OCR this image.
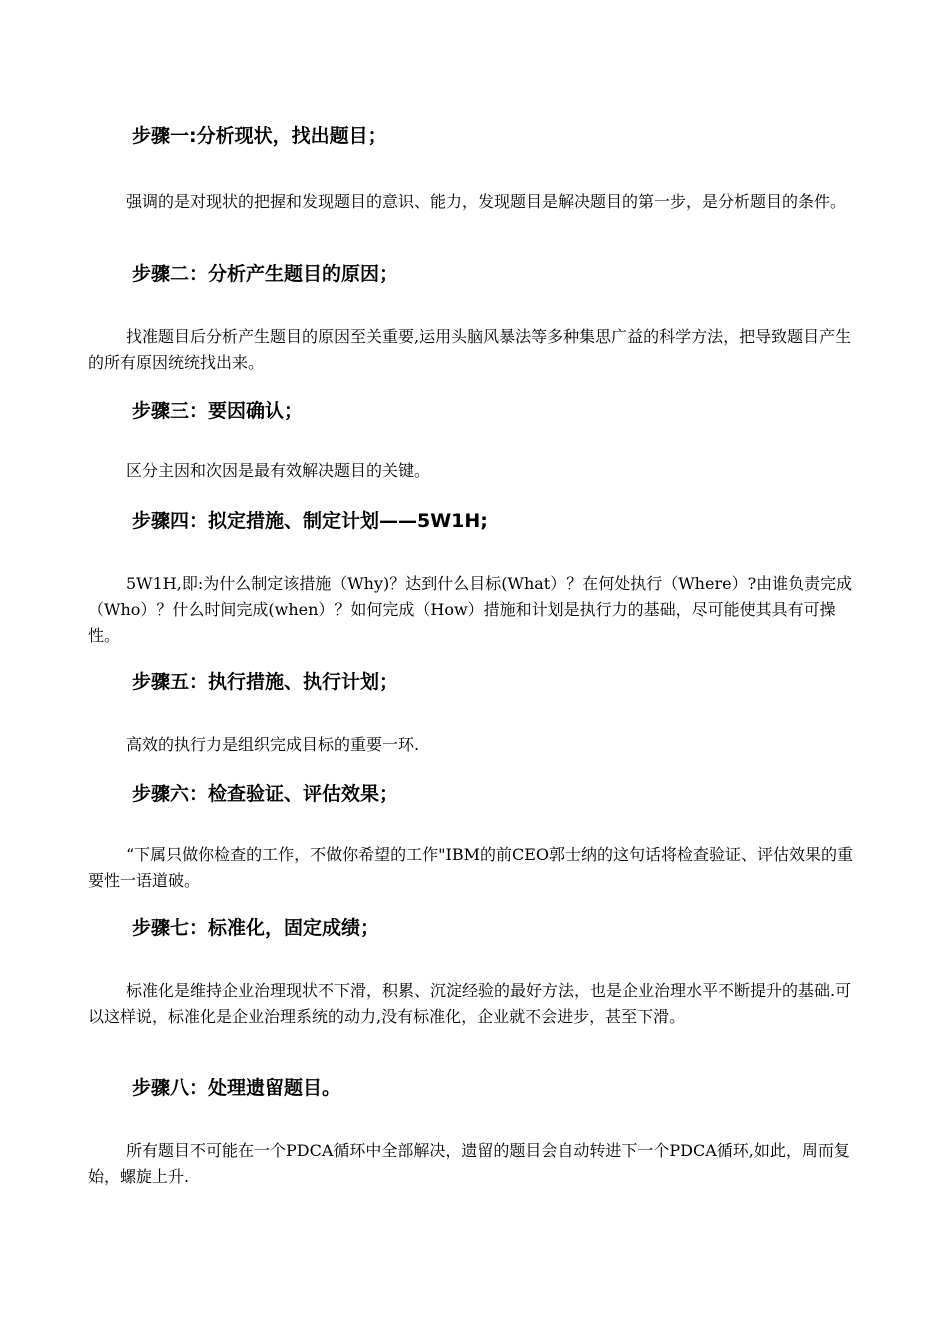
步骤一:分析现状，找出题目；

强调的是对现状的把握和发现题目的意识、能力，发现题目是解决题目的第一步，是分析题目的条件。

步骤二：分析产生题目的原因；

找准题目后分析产生题目的原因至关重要,运用头脑风暴法等多种集思广益的科学方法，把导致题目产生的所有原因统统找出来。

步骤三：要因确认；

区分主因和次因是最有效解决题目的关键。

步骤四：拟定措施、制定计划——5W1H;

5W1H,即:为什么制定该措施（Why)？达到什么目标(What）？在何处执行（Where）?由谁负责完成（Who）？什么时间完成(when）？如何完成（How）措施和计划是执行力的基础，尽可能使其具有可操性。

步骤五：执行措施、执行计划；

高效的执行力是组织完成目标的重要一环.

步骤六：检查验证、评估效果；

“下属只做你检查的工作，不做你希望的工作"IBM的前CEO郭士纳的这句话将检查验证、评估效果的重要性一语道破。

步骤七：标准化，固定成绩；

标准化是维持企业治理现状不下滑，积累、沉淀经验的最好方法，也是企业治理水平不断提升的基础.可以这样说，标准化是企业治理系统的动力,没有标准化，企业就不会进步，甚至下滑。

步骤八：处理遗留题目。

所有题目不可能在一个PDCA循环中全部解决，遗留的题目会自动转进下一个PDCA循环,如此，周而复始，螺旋上升.
